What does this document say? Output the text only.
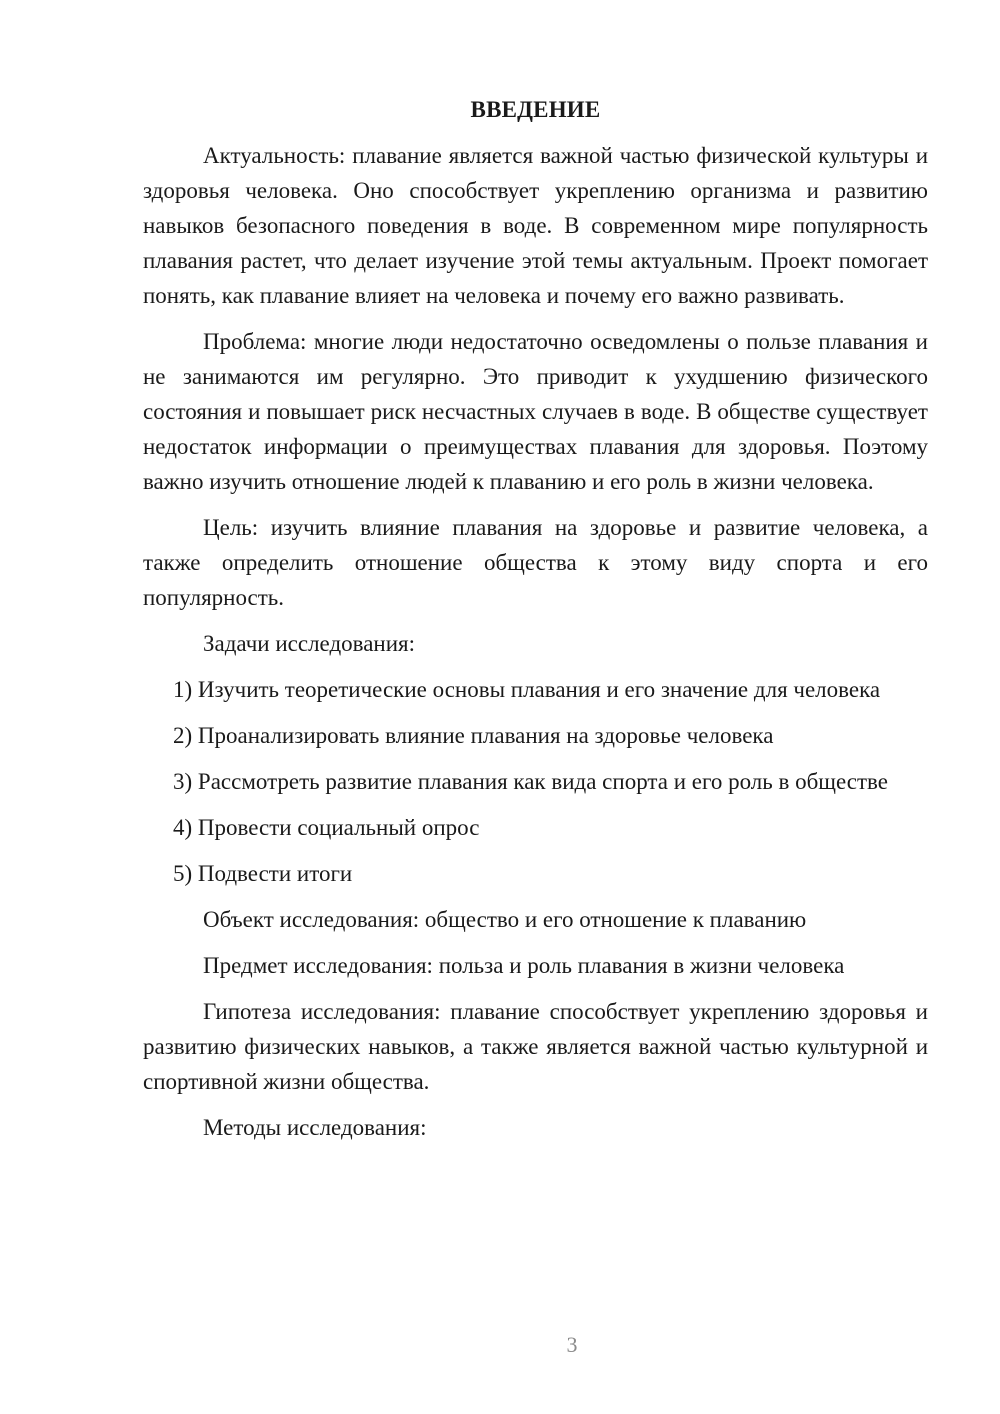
ВВЕДЕНИЕ

Актуальность: плавание является важной частью физической культуры и здоровья человека. Оно способствует укреплению организма и развитию навыков безопасного поведения в воде. В современном мире популярность плавания растет, что делает изучение этой темы актуальным. Проект помогает понять, как плавание влияет на человека и почему его важно развивать.

Проблема: многие люди недостаточно осведомлены о пользе плавания и не занимаются им регулярно. Это приводит к ухудшению физического состояния и повышает риск несчастных случаев в воде. В обществе существует недостаток информации о преимуществах плавания для здоровья. Поэтому важно изучить отношение людей к плаванию и его роль в жизни человека.

Цель: изучить влияние плавания на здоровье и развитие человека, а также определить отношение общества к этому виду спорта и его популярность.

Задачи исследования:

1) Изучить теоретические основы плавания и его значение для человека

2) Проанализировать влияние плавания на здоровье человека

3) Рассмотреть развитие плавания как вида спорта и его роль в обществе

4) Провести социальный опрос

5) Подвести итоги

Объект исследования: общество и его отношение к плаванию

Предмет исследования: польза и роль плавания в жизни человека

Гипотеза исследования: плавание способствует укреплению здоровья и развитию физических навыков, а также является важной частью культурной и спортивной жизни общества.

Методы исследования:

3
